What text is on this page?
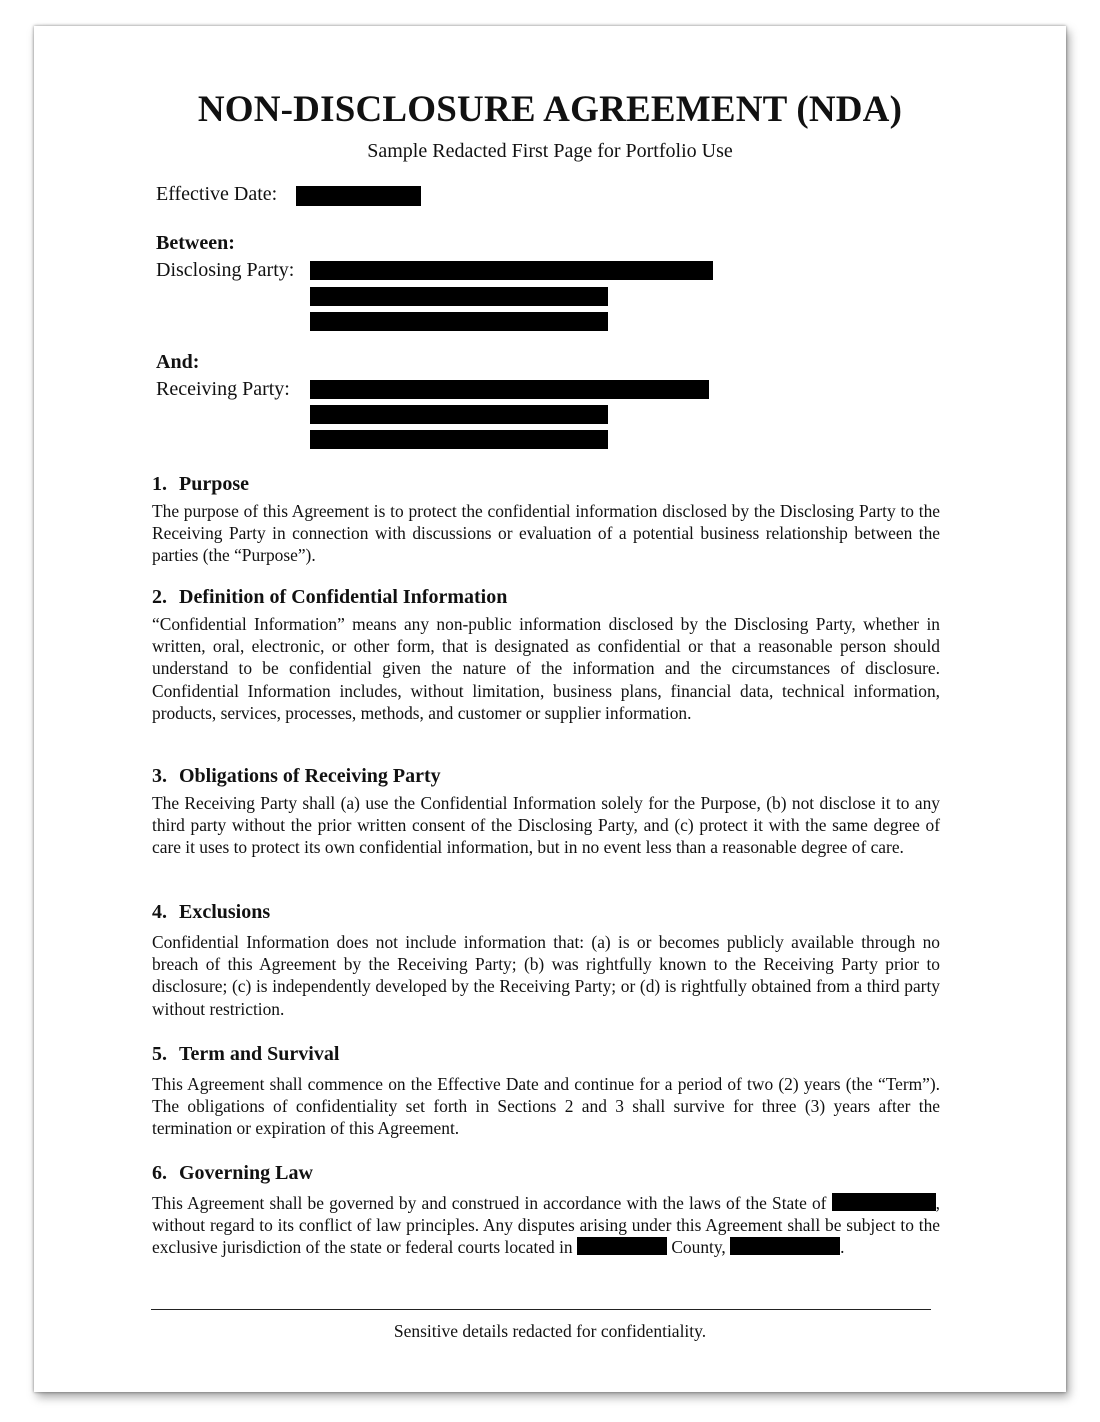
NON-DISCLOSURE AGREEMENT (NDA)
Sample Redacted First Page for Portfolio Use
Effective Date:
Between:
Disclosing Party:
And:
Receiving Party:
1. Purpose
The purpose of this Agreement is to protect the confidential information disclosed by the Disclosing Party to the Receiving Party in connection with discussions or evaluation of a potential business relationship between the parties (the “Purpose”).
2. Definition of Confidential Information
“Confidential Information” means any non-public information disclosed by the Disclosing Party, whether in written, oral, electronic, or other form, that is designated as confidential or that a reasonable person should understand to be confidential given the nature of the information and the circumstances of disclosure. Confidential Information includes, without limitation, business plans, financial data, technical information, products, services, processes, methods, and customer or supplier information.
3. Obligations of Receiving Party
The Receiving Party shall (a) use the Confidential Information solely for the Purpose, (b) not disclose it to any third party without the prior written consent of the Disclosing Party, and (c) protect it with the same degree of care it uses to protect its own confidential information, but in no event less than a reasonable degree of care.
4. Exclusions
Confidential Information does not include information that: (a) is or becomes publicly available through no breach of this Agreement by the Receiving Party; (b) was rightfully known to the Receiving Party prior to disclosure; (c) is independently developed by the Receiving Party; or (d) is rightfully obtained from a third party without restriction.
5. Term and Survival
This Agreement shall commence on the Effective Date and continue for a period of two (2) years (the “Term”). The obligations of confidentiality set forth in Sections 2 and 3 shall survive for three (3) years after the termination or expiration of this Agreement.
6. Governing Law
This Agreement shall be governed by and construed in accordance with the laws of the State of	, without regard to its conflict of law principles. Any disputes arising under this Agreement shall be subject to the exclusive jurisdiction of the state or federal courts located in	County,	.
Sensitive details redacted for confidentiality.
